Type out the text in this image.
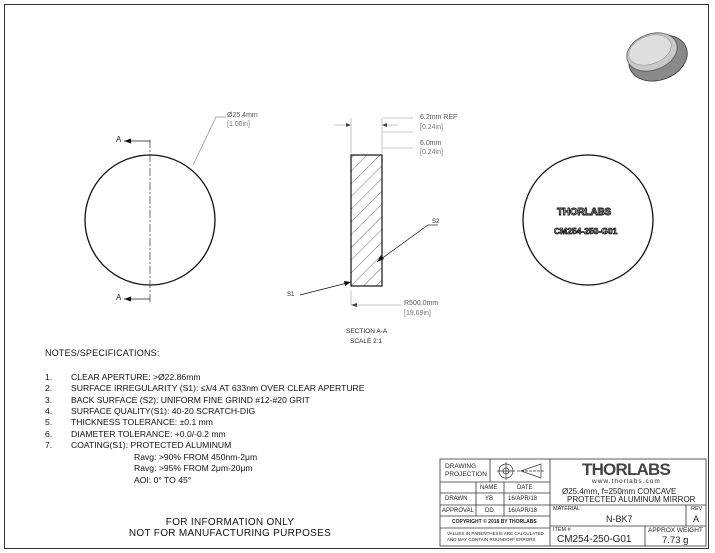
A
A
Ø25.4mm
[1.00in]
6.2mm REF
[0.24in]
6.0mm
[0.24in]
R500.0mm
[19.69in]
S2
S1
SECTION A-A
SCALE 2:1
THORLABS
CM254-250-G01
NOTES/SPECIFICATIONS:
1. CLEAR APERTURE: >Ø22.86mm
2. SURFACE IRREGULARITY (S1): ≤λ/4 AT 633nm OVER CLEAR APERTURE
3. BACK SURFACE (S2): UNIFORM FINE GRIND #12-#20 GRIT
4. SURFACE QUALITY(S1): 40-20 SCRATCH-DIG
5. THICKNESS TOLERANCE: ±0.1 mm
6. DIAMETER TOLERANCE: +0.0/-0.2 mm
7. COATING(S1): PROTECTED ALUMINUM
Ravg: >90% FROM 450nm-2μm
Ravg: >95% FROM 2μm-20μm
AOI: 0° TO 45°
FOR INFORMATION ONLY
NOT FOR MANUFACTURING PURPOSES
DRAWING
PROJECTION
NAME	DATE
DRAWN	YB 16/APR/18
APPROVAL DD 16/APR/18
COPYRIGHT © 2018 BY THORLABS
VALUES IN PARENTHESIS ARE CALCULATED
AND MAY CONTAIN ROUNDOFF ERRORS
THORLABS
www.thorlabs.com
Ø25.4mm, f=250mm CONCAVE
PROTECTED ALUMINUM MIRROR
MATERIAL
N-BK7
REV
A
ITEM #
CM254-250-G01
APPROX WEIGHT
7.73 g
